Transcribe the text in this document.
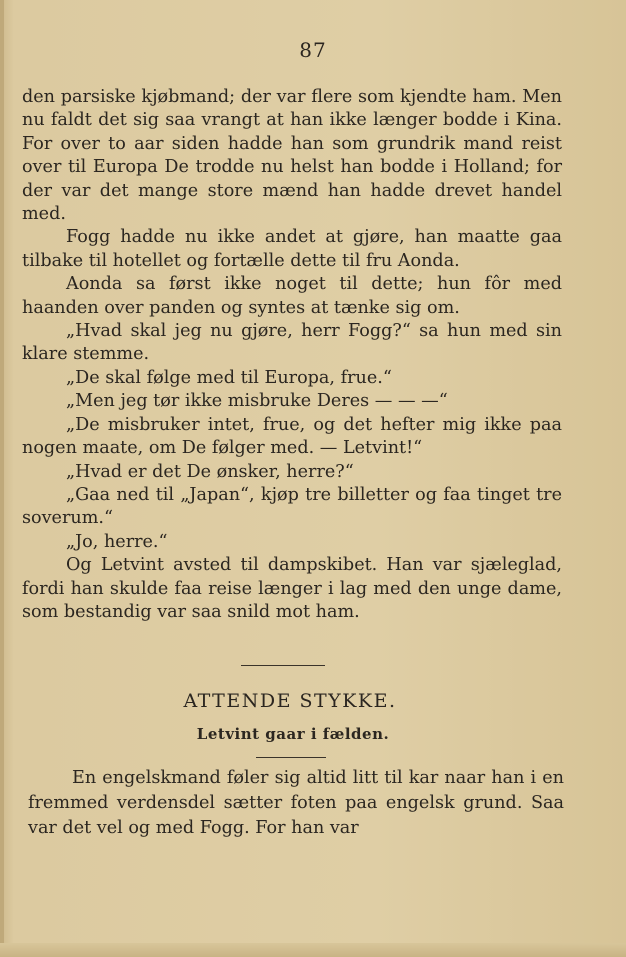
87

den parsiske kjøbmand; der var flere som kjendte ham. Men nu faldt det sig saa vrangt at han ikke længer bodde i Kina. For over to aar siden hadde han som grundrik mand reist over til Europa De trodde nu helst han bodde i Holland; for der var det mange store mænd han hadde drevet handel med.

Fogg hadde nu ikke andet at gjøre, han maatte gaa tilbake til hotellet og fortælle dette til fru Aonda.

Aonda sa først ikke noget til dette; hun fôr med haanden over panden og syntes at tænke sig om.

„Hvad skal jeg nu gjøre, herr Fogg?“ sa hun med sin klare stemme.

„De skal følge med til Europa, frue.“

„Men jeg tør ikke misbruke Deres — — —“

„De misbruker intet, frue, og det hefter mig ikke paa nogen maate, om De følger med. — Letvint!“

„Hvad er det De ønsker, herre?“

„Gaa ned til „Japan“, kjøp tre billetter og faa tinget tre soverum.“

„Jo, herre.“

Og Letvint avsted til dampskibet. Han var sjæleglad, fordi han skulde faa reise længer i lag med den unge dame, som bestandig var saa snild mot ham.

ATTENDE STYKKE.
Letvint gaar i fælden.

En engelskmand føler sig altid litt til kar naar han i en fremmed verdensdel sætter foten paa engelsk grund. Saa var det vel og med Fogg. For han var
